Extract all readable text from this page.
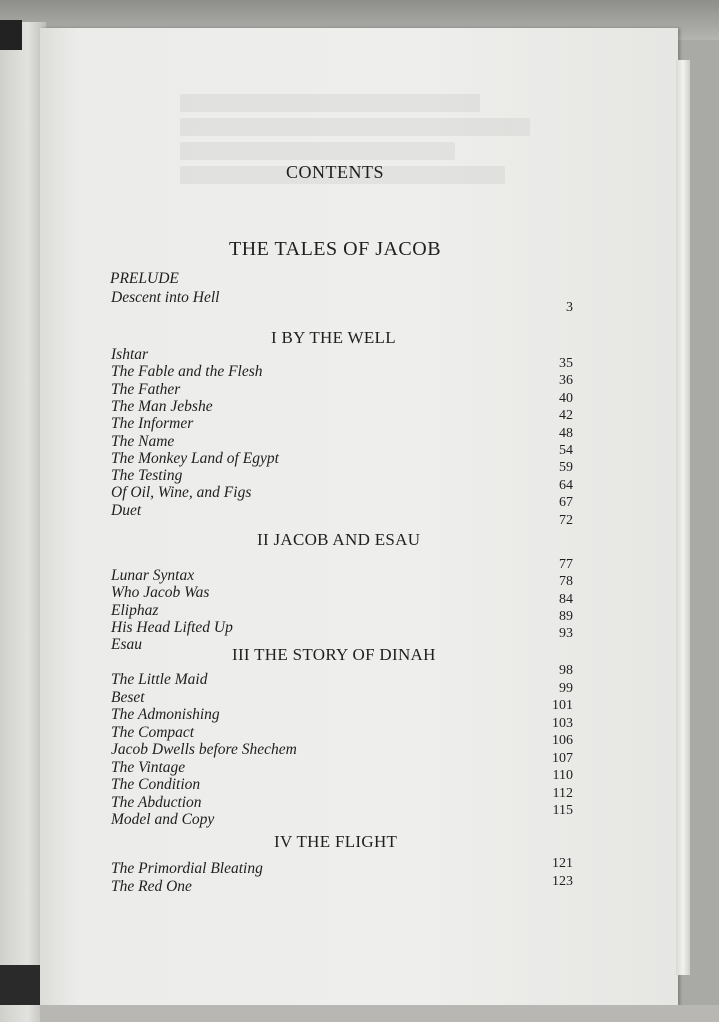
CONTENTS
THE TALES OF JACOB
PRELUDE
Descent into Hell
3
I BY THE WELL
Ishtar
35
The Fable and the Flesh
36
The Father
40
The Man Jebshe
42
The Informer
48
The Name
54
The Monkey Land of Egypt
59
The Testing
64
Of Oil, Wine, and Figs
67
Duet
72
II JACOB AND ESAU
Lunar Syntax
77
Who Jacob Was
78
Eliphaz
84
His Head Lifted Up
89
Esau
93
III THE STORY OF DINAH
The Little Maid
98
Beset
99
The Admonishing
101
The Compact
103
Jacob Dwells before Shechem
106
The Vintage
107
The Condition
110
The Abduction
112
Model and Copy
115
IV THE FLIGHT
The Primordial Bleating	121
The Red One	123
